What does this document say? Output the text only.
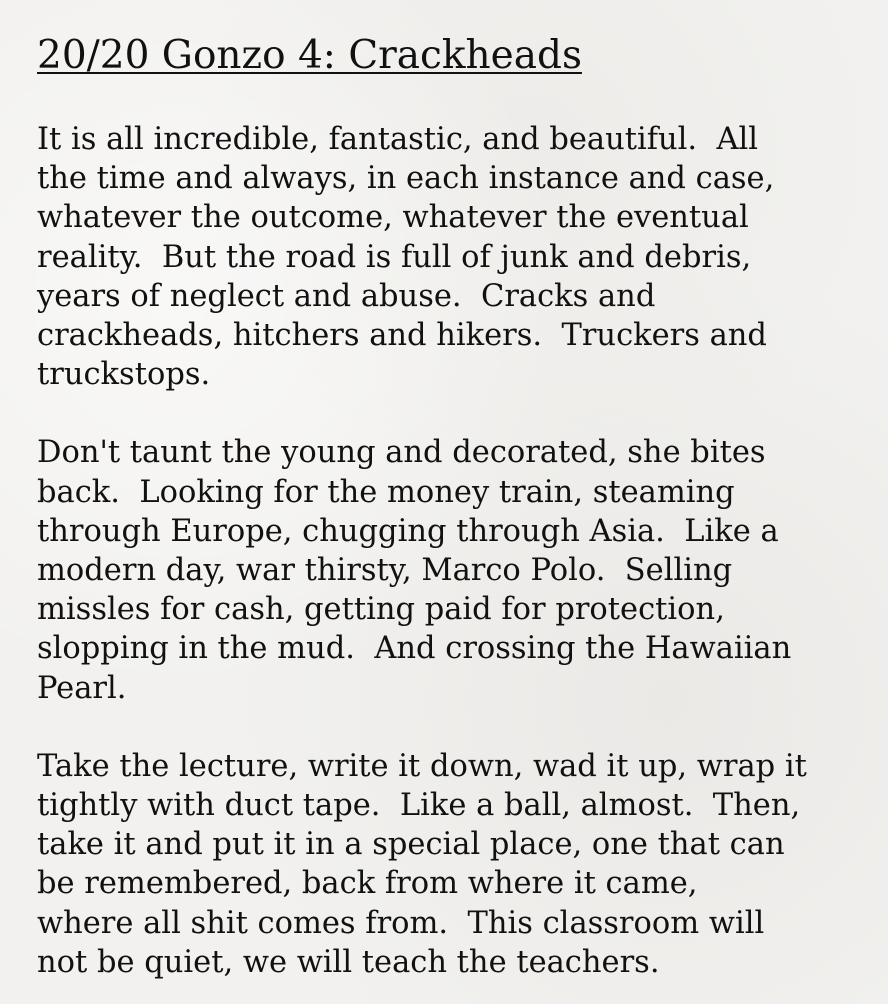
20/20 Gonzo 4: Crackheads

It is all incredible, fantastic, and beautiful.  All
the time and always, in each instance and case,
whatever the outcome, whatever the eventual
reality.  But the road is full of junk and debris,
years of neglect and abuse.  Cracks and
crackheads, hitchers and hikers.  Truckers and
truckstops.

Don't taunt the young and decorated, she bites
back.  Looking for the money train, steaming
through Europe, chugging through Asia.  Like a
modern day, war thirsty, Marco Polo.  Selling
missles for cash, getting paid for protection,
slopping in the mud.  And crossing the Hawaiian
Pearl.

Take the lecture, write it down, wad it up, wrap it
tightly with duct tape.  Like a ball, almost.  Then,
take it and put it in a special place, one that can
be remembered, back from where it came,
where all shit comes from.  This classroom will
not be quiet, we will teach the teachers.
